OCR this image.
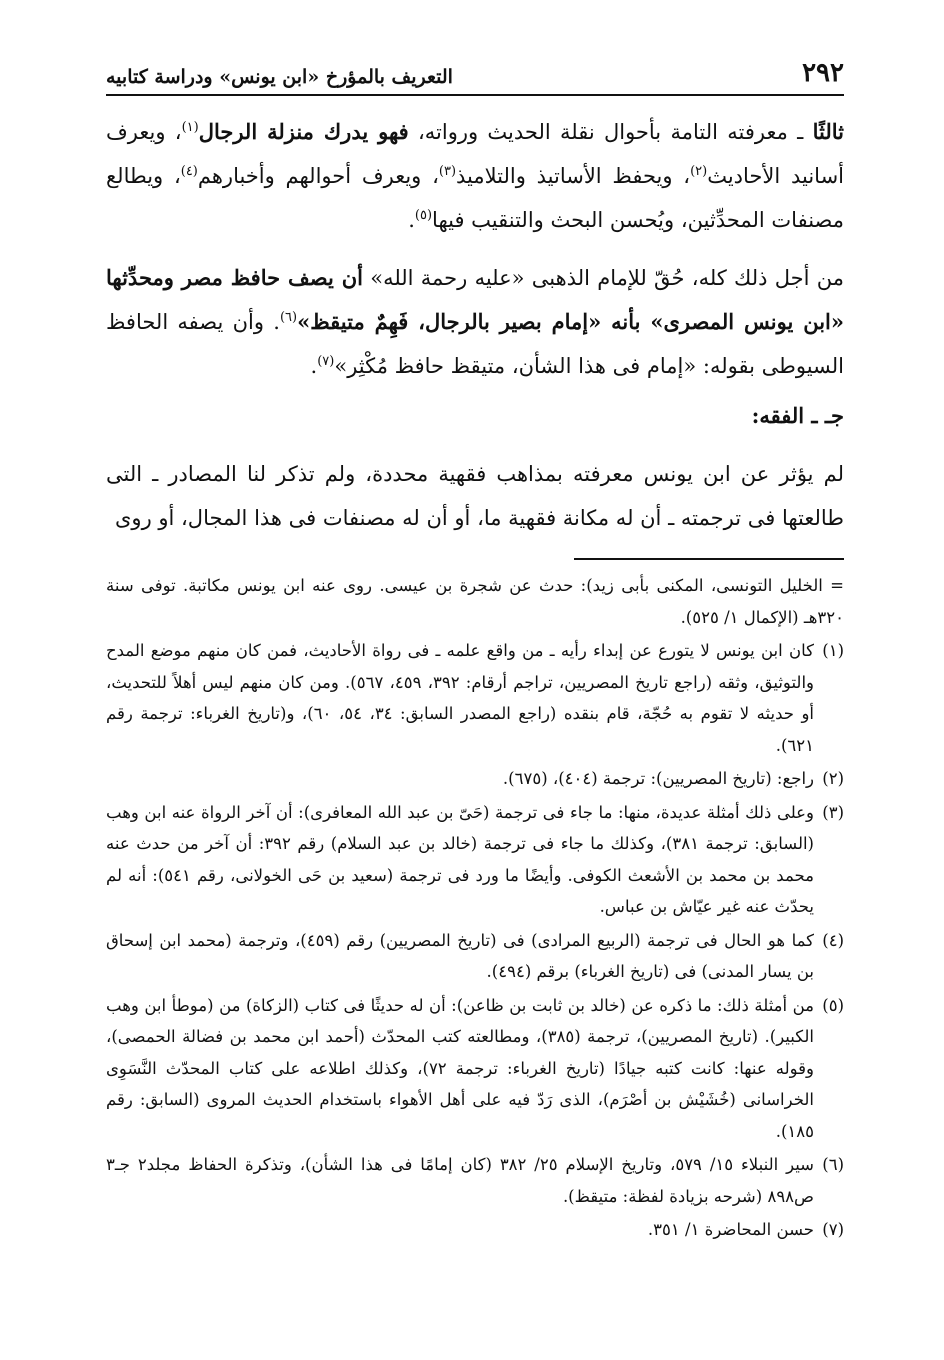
٢٩٢
التعريف بالمؤرخ «ابن يونس» ودراسة كتابيه

ثالثًا ـ معرفته التامة بأحوال نقلة الحديث ورواته، فهو يدرك منزلة الرجال$^{(١)}$، ويعرف أسانيد الأحاديث$^{(٢)}$، ويحفظ الأساتيذ والتلاميذ$^{(٣)}$، ويعرف أحوالهم وأخبارهم$^{(٤)}$، ويطالع مصنفات المحدِّثين، ويُحسن البحث والتنقيب فيها$^{(٥)}$.

من أجل ذلك كله، حُقّ للإمام الذهبى «عليه رحمة الله» أن يصف حافظ مصر ومحدِّثها «ابن يونس المصرى» بأنه «إمام بصير بالرجال، فَهِمٌ متيقظ»$^{(٦)}$. وأن يصفه الحافظ السيوطى بقوله: «إمام فى هذا الشأن، متيقظ حافظ مُكْثِر»$^{(٧)}$.

جـ ـ الفقه:

لم يؤثر عن ابن يونس معرفته بمذاهب فقهية محددة، ولم تذكر لنا المصادر ـ التى طالعتها فى ترجمته ـ أن له مكانة فقهية ما، أو أن له مصنفات فى هذا المجال، أو روى

= الخليل التونسى، المكنى بأبى زيد): حدث عن شجرة بن عيسى. روى عنه ابن يونس مكاتبة. توفى سنة ٣٢٠هـ (الإكمال ١/ ٥٢٥).
(١)
كان ابن يونس لا يتورع عن إبداء رأيه ـ من واقع علمه ـ فى رواة الأحاديث، فمن كان منهم موضع المدح والتوثيق، وثقه (راجع تاريخ المصريين، تراجم أرقام: ٣٩٢، ٤٥٩، ٥٦٧). ومن كان منهم ليس أهلاً للتحديث، أو حديثه لا تقوم به حُجّة، قام بنقده (راجع المصدر السابق: ٣٤، ٥٤، ٦٠)، و(تاريخ الغرباء: ترجمة رقم ٦٢١).
(٢)
راجع: (تاريخ المصريين): ترجمة (٤٠٤)، (٦٧٥).
(٣)
وعلى ذلك أمثلة عديدة، منها: ما جاء فى ترجمة (حَىّ بن عبد الله المعافرى): أن آخر الرواة عنه ابن وهب (السابق: ترجمة ٣٨١)، وكذلك ما جاء فى ترجمة (خالد بن عبد السلام) رقم ٣٩٢: أن آخر من حدث عنه محمد بن محمد بن الأشعث الكوفى. وأيضًا ما ورد فى ترجمة (سعيد بن حَى الخولانى، رقم ٥٤١): أنه لم يحدّث عنه غير عيّاش بن عباس.
(٤)
كما هو الحال فى ترجمة (الربيع المرادى) فى (تاريخ المصريين) رقم (٤٥٩)، وترجمة (محمد ابن إسحاق بن يسار المدنى) فى (تاريخ الغرباء) برقم (٤٩٤).
(٥)
من أمثلة ذلك: ما ذكره عن (خالد بن ثابت بن ظاعن): أن له حديثًا فى كتاب (الزكاة) من (موطأ ابن وهب الكبير). (تاريخ المصريين)، ترجمة (٣٨٥)، ومطالعته كتب المحدّث (أحمد ابن محمد بن فضالة الحمصى)، وقوله عنها: كانت كتبه جيادًا (تاريخ الغرباء: ترجمة ٧٢)، وكذلك اطلاعه على كتاب المحدّث النَّسَوِى الخراسانى (خُشَيْش بن أصْرَم)، الذى رَدّ فيه على أهل الأهواء باستخدام الحديث المروى (السابق: رقم ١٨٥).
(٦)
سير النبلاء ١٥/ ٥٧٩، وتاريخ الإسلام ٢٥/ ٣٨٢ (كان إمامًا فى هذا الشأن)، وتذكرة الحفاظ مجلد٢ جـ٣ ص٨٩٨ (شرحه بزيادة لفظة: متيقظ).
(٧)
حسن المحاضرة ١/ ٣٥١.
